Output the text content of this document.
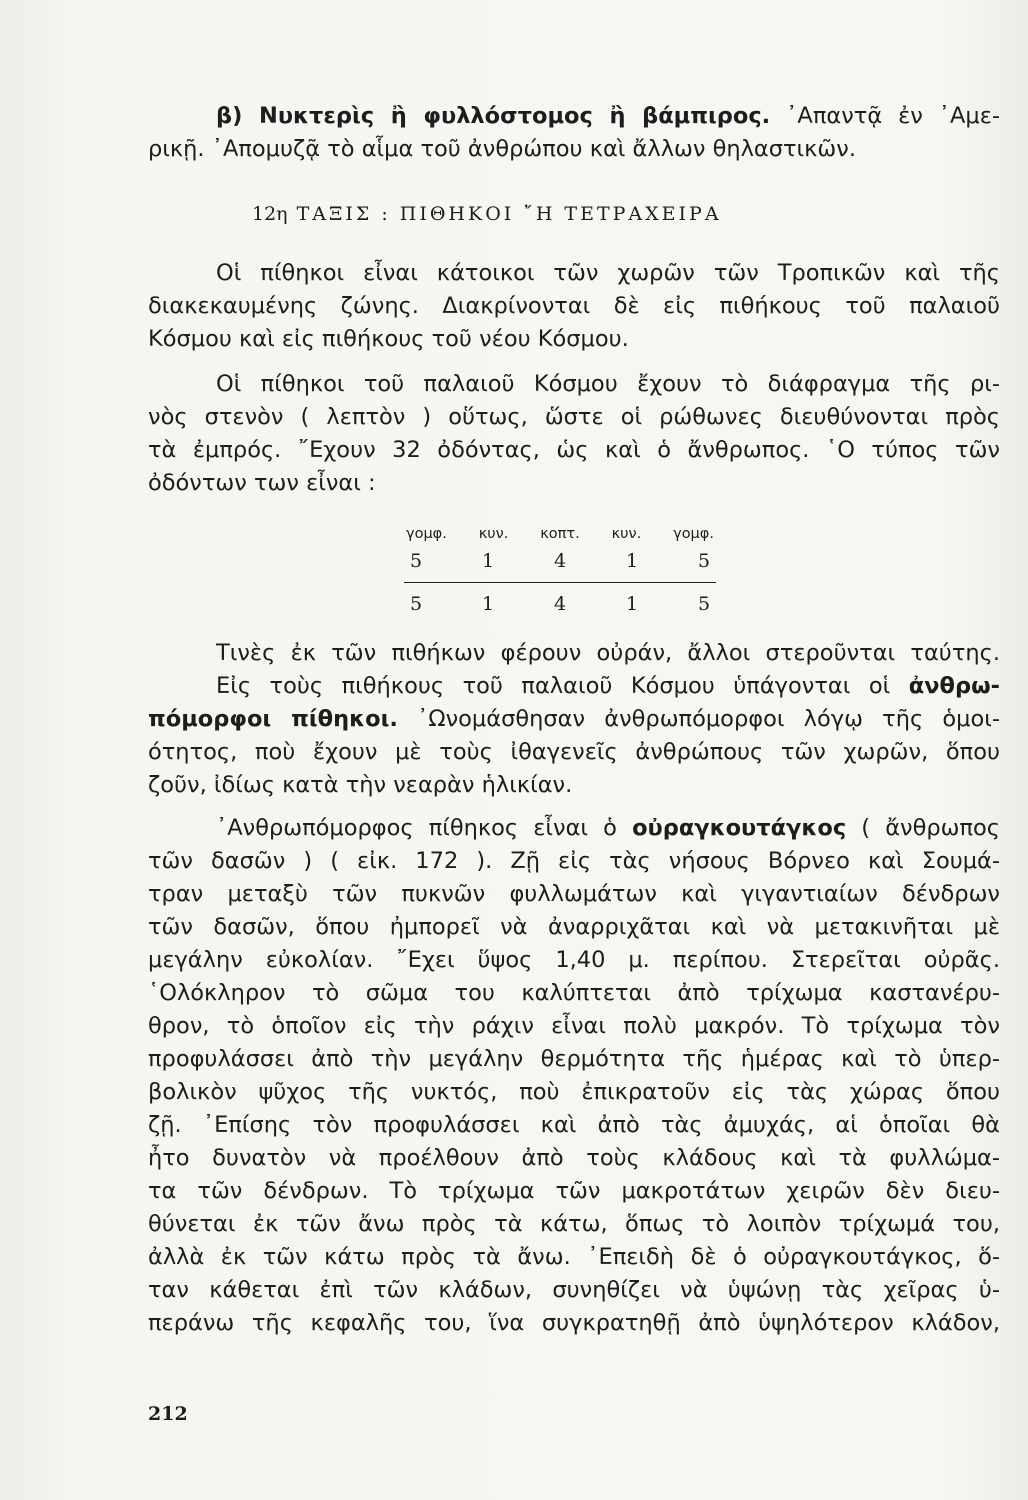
β) Νυκτερὶς ἢ φυλλόστομος ἢ βάμπιρος. ᾿Απαντᾷ ἐν ᾿Αμε-
ρικῇ. ᾿Απομυζᾷ τὸ αἷμα τοῦ ἀνθρώπου καὶ ἄλλων θηλαστικῶν.
12η ΤΑΞΙΣ : ΠΙΘΗΚΟΙ ῎Η ΤΕΤΡΑΧΕΙΡΑ
Οἱ πίθηκοι εἶναι κάτοικοι τῶν χωρῶν τῶν Τροπικῶν καὶ τῆς
διακεκαυμένης ζώνης. Διακρίνονται δὲ εἰς πιθήκους τοῦ παλαιοῦ
Κόσμου καὶ εἰς πιθήκους τοῦ νέου Κόσμου.
Οἱ πίθηκοι τοῦ παλαιοῦ Κόσμου ἔχουν τὸ διάφραγμα τῆς ρι-
νὸς στενὸν ( λεπτὸν ) οὕτως, ὥστε οἱ ρώθωνες διευθύνονται πρὸς
τὰ ἐμπρός. ῎Εχουν 32 ὀδόντας, ὡς καὶ ὁ ἄνθρωπος. ῾Ο τύπος τῶν
ὀδόντων των εἶναι :
γομφ. κυν. κοπτ. κυν. γομφ.
5	1	4	1	5
5	1	4	1	5
Τινὲς ἐκ τῶν πιθήκων φέρουν οὐράν, ἄλλοι στεροῦνται ταύτης.
Εἰς τοὺς πιθήκους τοῦ παλαιοῦ Κόσμου ὑπάγονται οἱ ἀνθρω-
πόμορφοι πίθηκοι. ᾿Ωνομάσθησαν ἀνθρωπόμορφοι λόγῳ τῆς ὁμοι-
ότητος, ποὺ ἔχουν μὲ τοὺς ἰθαγενεῖς ἀνθρώπους τῶν χωρῶν, ὅπου
ζοῦν, ἰδίως κατὰ τὴν νεαρὰν ἡλικίαν.
᾿Ανθρωπόμορφος πίθηκος εἶναι ὁ οὐραγκουτάγκος ( ἄνθρωπος
τῶν δασῶν ) ( εἰκ. 172 ). Ζῇ εἰς τὰς νήσους Βόρνεο καὶ Σουμά-
τραν μεταξὺ τῶν πυκνῶν φυλλωμάτων καὶ γιγαντιαίων δένδρων
τῶν δασῶν, ὅπου ἠμπορεῖ νὰ ἀναρριχᾶται καὶ νὰ μετακινῆται μὲ
μεγάλην εὐκολίαν. ῎Εχει ὕψος 1,40 μ. περίπου. Στερεῖται οὐρᾶς.
῾Ολόκληρον τὸ σῶμα του καλύπτεται ἀπὸ τρίχωμα καστανέρυ-
θρον, τὸ ὁποῖον εἰς τὴν ράχιν εἶναι πολὺ μακρόν. Τὸ τρίχωμα τὸν
προφυλάσσει ἀπὸ τὴν μεγάλην θερμότητα τῆς ἡμέρας καὶ τὸ ὑπερ-
βολικὸν ψῦχος τῆς νυκτός, ποὺ ἐπικρατοῦν εἰς τὰς χώρας ὅπου
ζῇ. ᾿Επίσης τὸν προφυλάσσει καὶ ἀπὸ τὰς ἀμυχάς, αἱ ὁποῖαι θὰ
ἦτο δυνατὸν νὰ προέλθουν ἀπὸ τοὺς κλάδους καὶ τὰ φυλλώμα-
τα τῶν δένδρων. Τὸ τρίχωμα τῶν μακροτάτων χειρῶν δὲν διευ-
θύνεται ἐκ τῶν ἄνω πρὸς τὰ κάτω, ὅπως τὸ λοιπὸν τρίχωμά του,
ἀλλὰ ἐκ τῶν κάτω πρὸς τὰ ἄνω. ᾿Επειδὴ δὲ ὁ οὐραγκουτάγκος, ὅ-
ταν κάθεται ἐπὶ τῶν κλάδων, συνηθίζει νὰ ὑψώνῃ τὰς χεῖρας ὑ-
περάνω τῆς κεφαλῆς του, ἵνα συγκρατηθῇ ἀπὸ ὑψηλότερον κλάδον,
212
